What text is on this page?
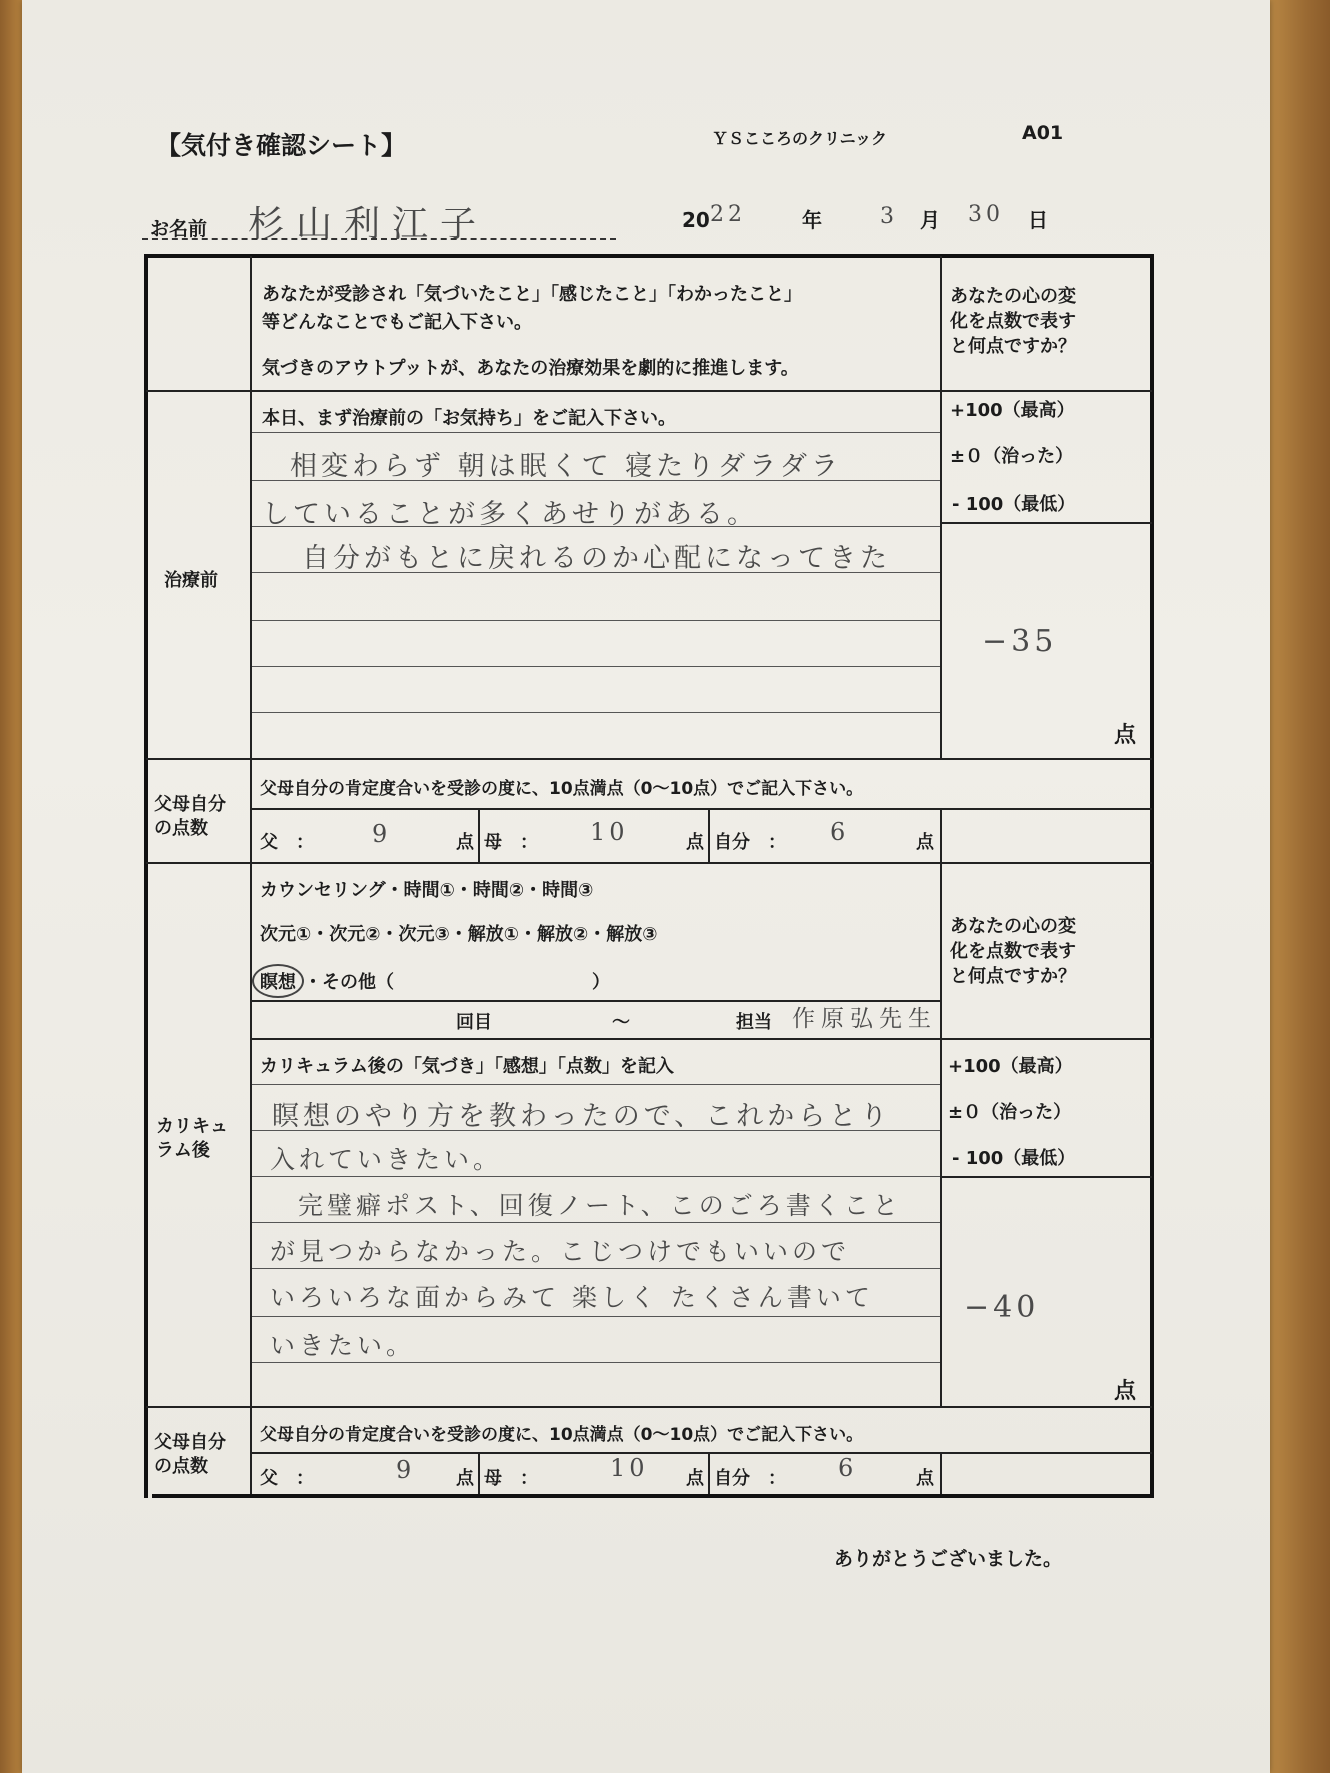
【気付き確認シート】	ＹＳこころのクリニック	A01
お名前 杉山利江子	20 22	年	3 月 30 日
あなたが受診され「気づいたこと」「感じたこと」「わかったこと」
等どんなことでもご記入下さい。
気づきのアウトプットが、あなたの治療効果を劇的に推進します。
あなたの心の変
化を点数で表す
と何点ですか？
治療前
本日、まず治療前の「お気持ち」をご記入下さい。
相変わらず 朝は眠くて 寝たりダラダラ
していることが多くあせりがある。
自分がもとに戻れるのか心配になってきた
+100（最高）
±０（治った）
- 100（最低）
−35
点
父母自分
の点数
父母自分の肯定度合いを受診の度に、10点満点（0〜10点）でご記入下さい。
父　： 9	点 母　： 10	点 自分　： 6	点
カリキュ
ラム後
カウンセリング・時間①・時間②・時間③
次元①・次元②・次元③・解放①・解放②・解放③
瞑想 ・その他（　　　　　　　　　　　）
回目	〜	担当 作原弘先生
あなたの心の変
化を点数で表す
と何点ですか？
カリキュラム後の「気づき」「感想」「点数」を記入
瞑想のやり方を教わったので、これからとり
入れていきたい。
完璧癖ポスト、回復ノート、このごろ書くこと
が見つからなかった。こじつけでもいいので
いろいろな面からみて 楽しく たくさん書いて
いきたい。
+100（最高）
±０（治った）
- 100（最低）
−40
点
父母自分
の点数
父母自分の肯定度合いを受診の度に、10点満点（0〜10点）でご記入下さい。
父　：	9 点 母　：	10 点 自分　： 6	点
ありがとうございました。
